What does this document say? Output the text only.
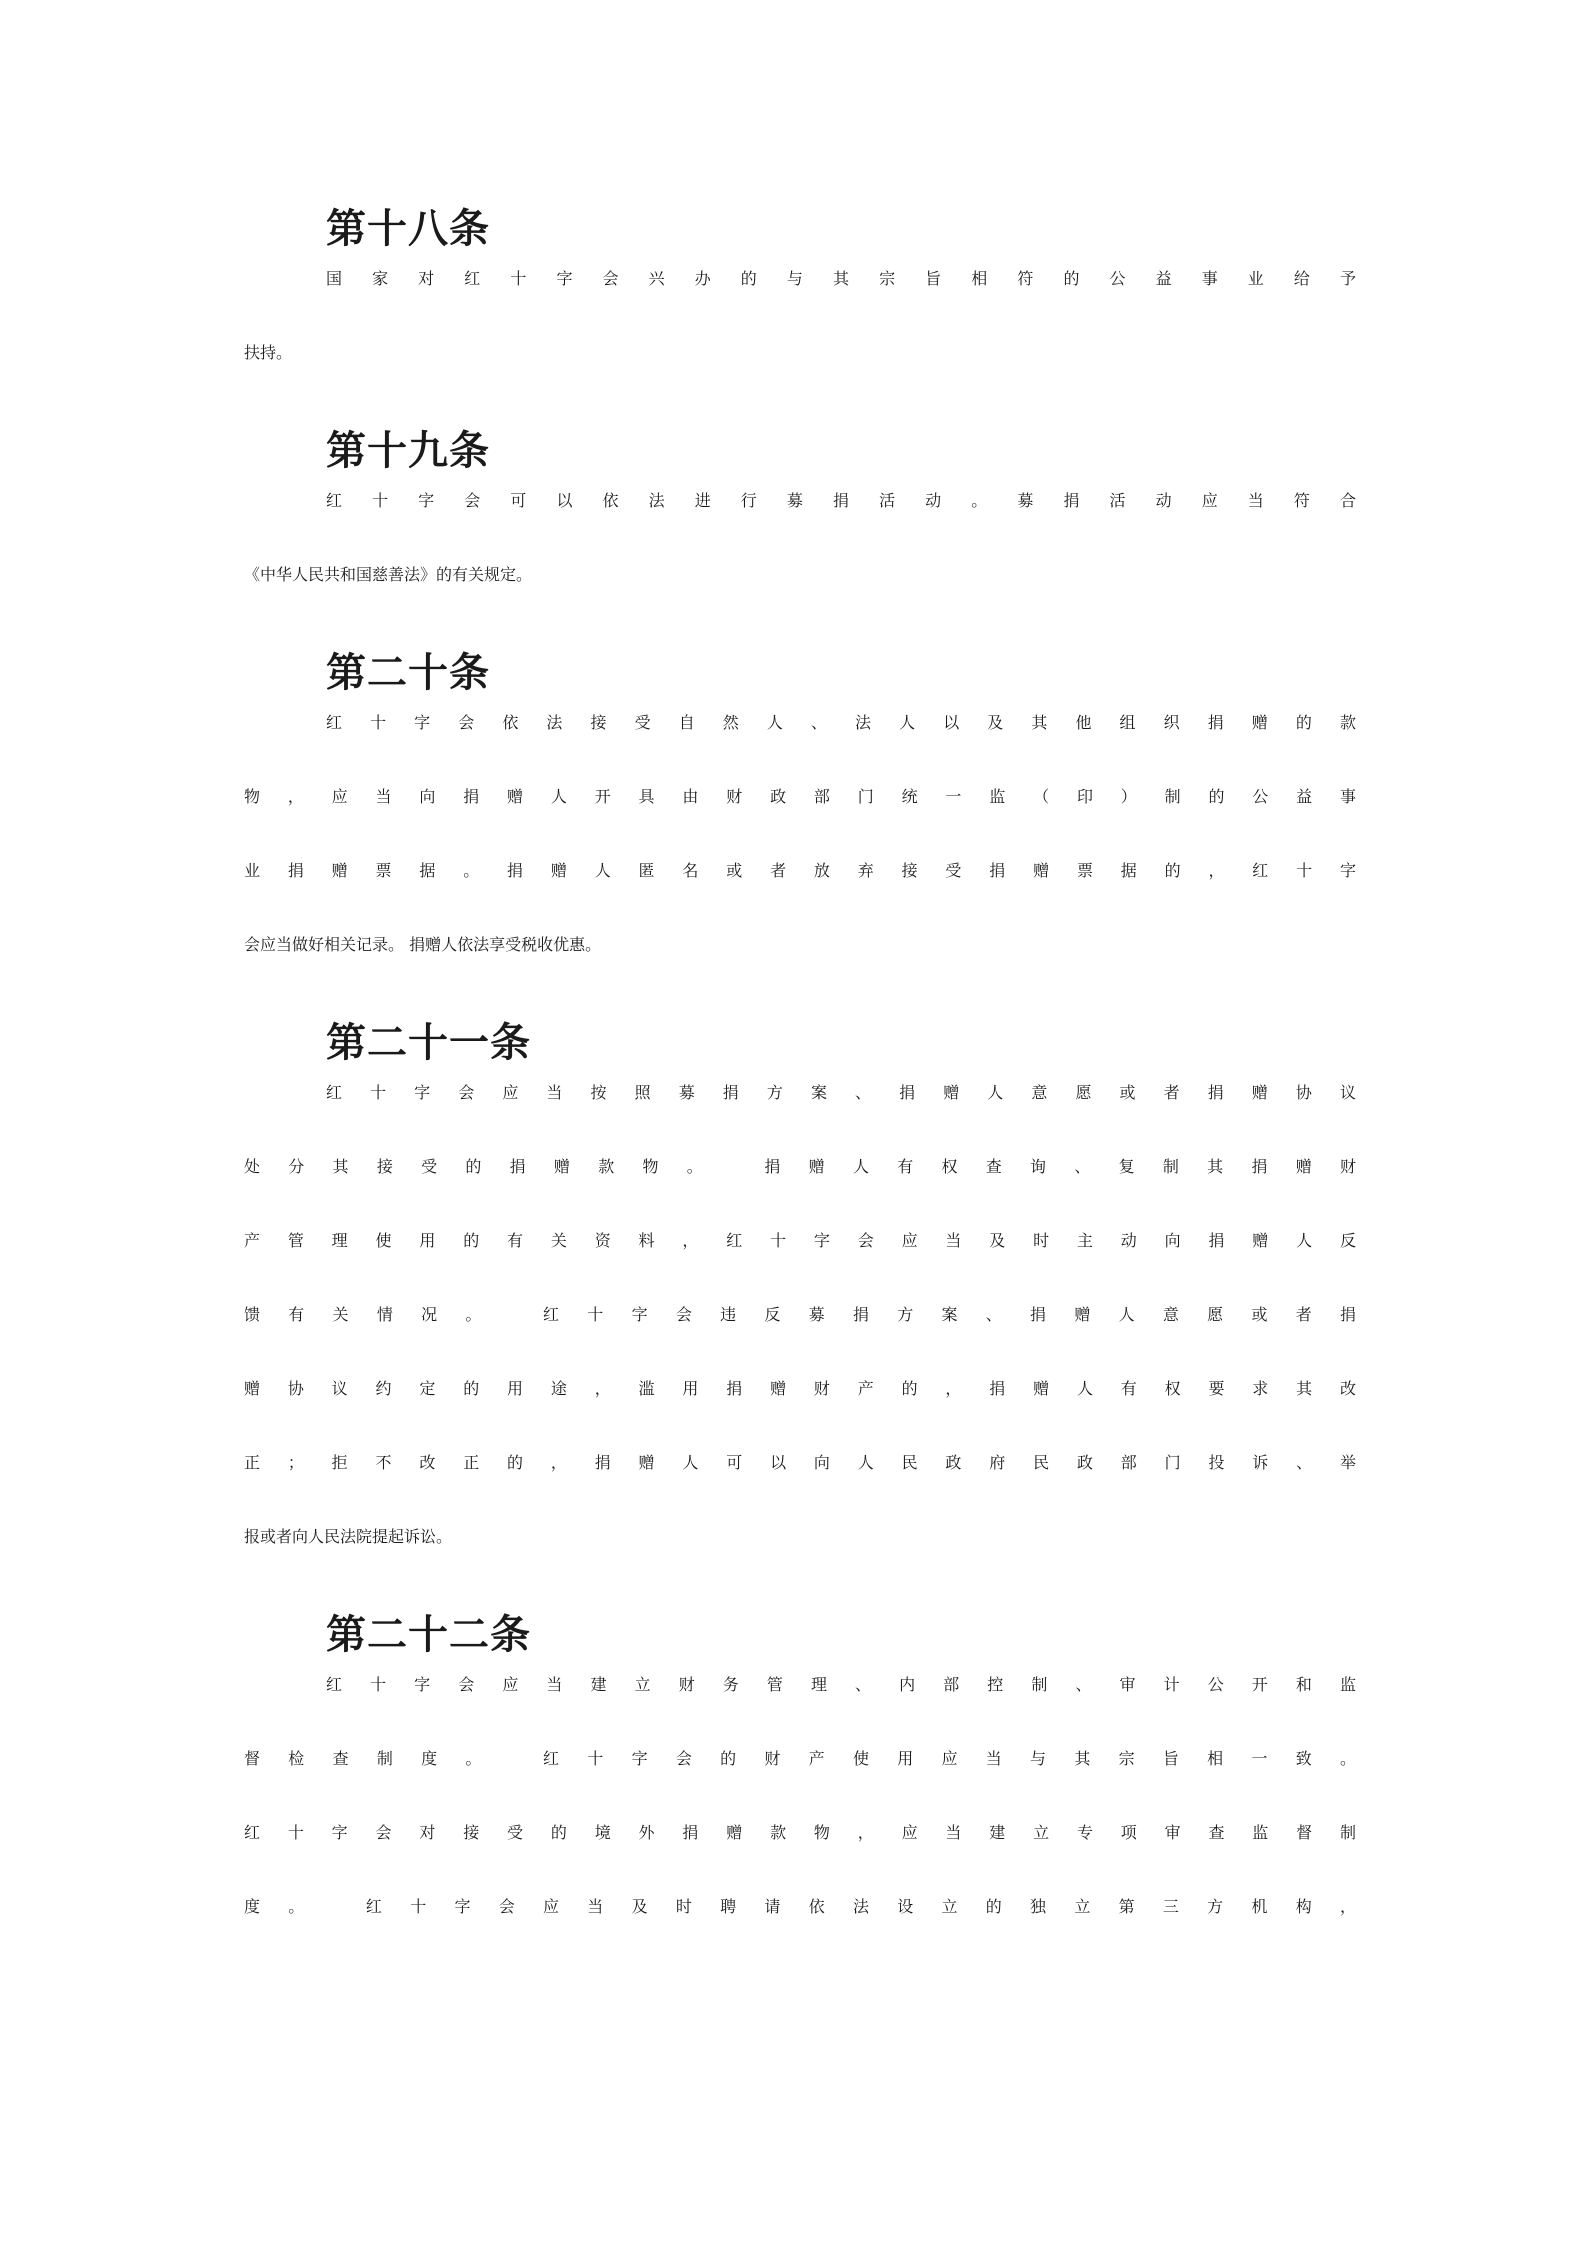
第十八条
国家对红十字会兴办的与其宗旨相符的公益事业给予
扶持。
第十九条
红十字会可以依法进行募捐活动。募捐活动应当符合
《中华人民共和国慈善法》的有关规定。
第二十条
红十字会依法接受自然人、法人以及其他组织捐赠的款
物，应当向捐赠人开具由财政部门统一监（印）制的公益事
业捐赠票据。捐赠人匿名或者放弃接受捐赠票据的，红十字
会应当做好相关记录。 捐赠人依法享受税收优惠。
第二十一条
红十字会应当按照募捐方案、捐赠人意愿或者捐赠协议
处分其接受的捐赠款物。 捐赠人有权查询、复制其捐赠财
产管理使用的有关资料，红十字会应当及时主动向捐赠人反
馈有关情况。 红十字会违反募捐方案、捐赠人意愿或者捐
赠协议约定的用途，滥用捐赠财产的，捐赠人有权要求其改
正；拒不改正的，捐赠人可以向人民政府民政部门投诉、举
报或者向人民法院提起诉讼。
第二十二条
红十字会应当建立财务管理、内部控制、审计公开和监
督检查制度。 红十字会的财产使用应当与其宗旨相一致。
红十字会对接受的境外捐赠款物，应当建立专项审查监督制
度。 红十字会应当及时聘请依法设立的独立第三方机构，
